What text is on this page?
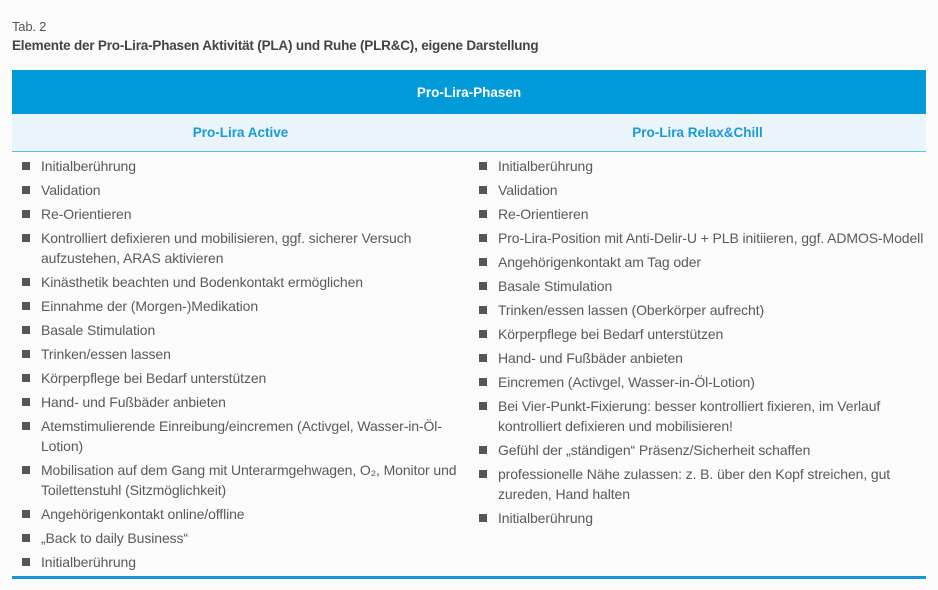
Tab. 2
Elemente der Pro-Lira-Phasen Aktivität (PLA) und Ruhe (PLR&C), eigene Darstellung
Pro-Lira-Phasen
Pro-Lira Active	Pro-Lira Relax&Chill
Initialberührung
Validation
Re-Orientieren
Kontrolliert defixieren und mobilisieren, ggf. sicherer Versuch aufzustehen, ARAS aktivieren
Kinästhetik beachten und Bodenkontakt ermöglichen
Einnahme der (Morgen-)Medikation
Basale Stimulation
Trinken/essen lassen
Körperpflege bei Bedarf unterstützen
Hand- und Fußbäder anbieten
Atemstimulierende Einreibung/eincremen (Activgel, Wasser-in-Öl-Lotion)
Mobilisation auf dem Gang mit Unterarmgehwagen, O₂, Monitor und Toilettenstuhl (Sitzmöglichkeit)
Angehörigenkontakt online/offline
„Back to daily Business“
Initialberührung
Initialberührung
Validation
Re-Orientieren
Pro-Lira-Position mit Anti-Delir-U + PLB initiieren, ggf. ADMOS-Modell
Angehörigenkontakt am Tag oder
Basale Stimulation
Trinken/essen lassen (Oberkörper aufrecht)
Körperpflege bei Bedarf unterstützen
Hand- und Fußbäder anbieten
Eincremen (Activgel, Wasser-in-Öl-Lotion)
Bei Vier-Punkt-Fixierung: besser kontrolliert fixieren, im Verlauf kontrolliert defixieren und mobilisieren!
Gefühl der „ständigen“ Präsenz/Sicherheit schaffen
professionelle Nähe zulassen: z. B. über den Kopf streichen, gut zureden, Hand halten
Initialberührung
